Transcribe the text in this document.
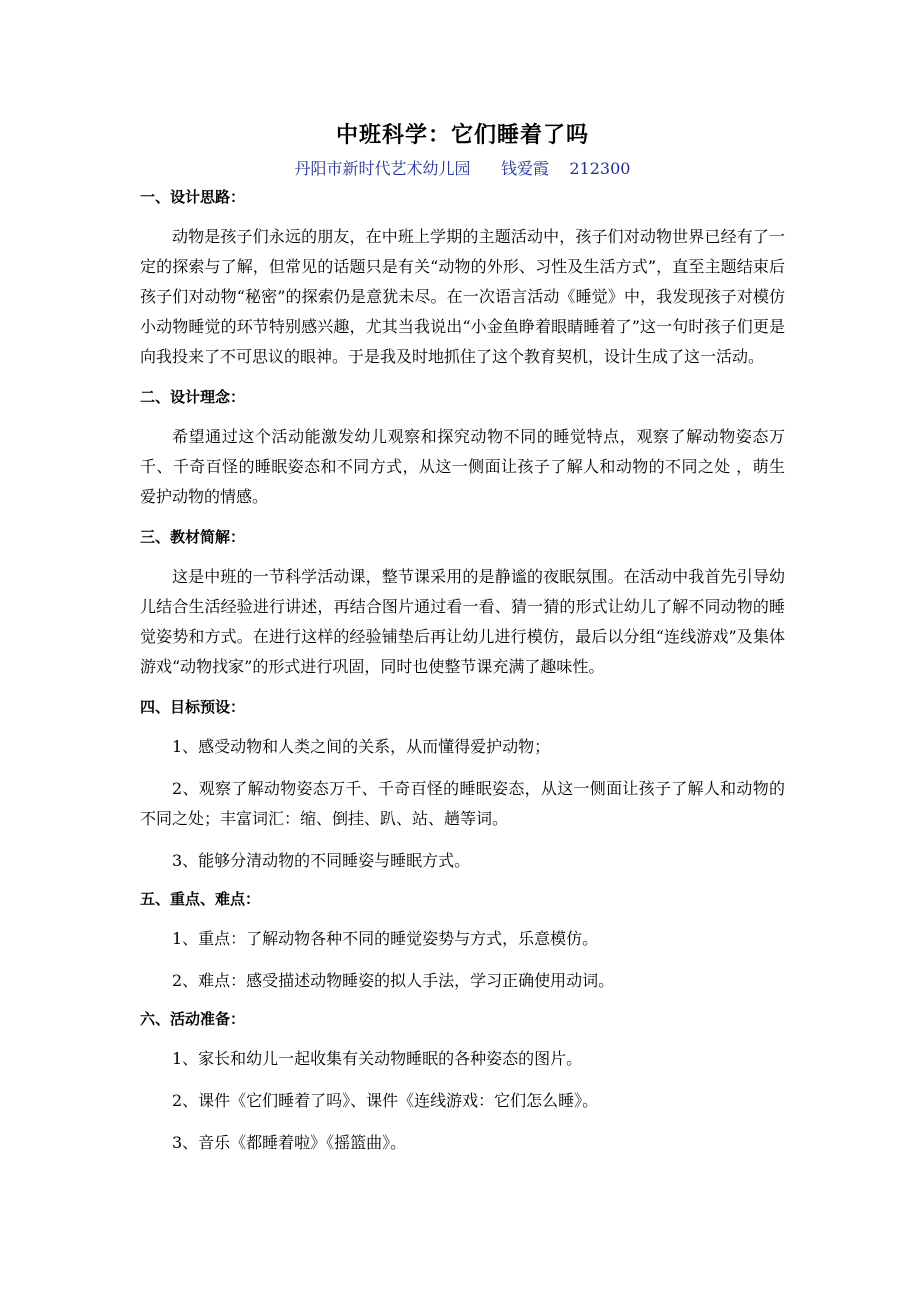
中班科学：它们睡着了吗

丹阳市新时代艺术幼儿园      钱爱霞    212300

一、设计思路：

动物是孩子们永远的朋友，在中班上学期的主题活动中，孩子们对动物世界已经有了一定的探索与了解，但常见的话题只是有关“动物的外形、习性及生活方式”，直至主题结束后孩子们对动物“秘密”的探索仍是意犹未尽。在一次语言活动《睡觉》中，我发现孩子对模仿小动物睡觉的环节特别感兴趣，尤其当我说出“小金鱼睁着眼睛睡着了”这一句时孩子们更是向我投来了不可思议的眼神。于是我及时地抓住了这个教育契机，设计生成了这一活动。

二、设计理念：

希望通过这个活动能激发幼儿观察和探究动物不同的睡觉特点，观察了解动物姿态万千、千奇百怪的睡眠姿态和不同方式，从这一侧面让孩子了解人和动物的不同之处 ，萌生爱护动物的情感。

三、教材简解：

这是中班的一节科学活动课，整节课采用的是静谧的夜眠氛围。在活动中我首先引导幼儿结合生活经验进行讲述，再结合图片通过看一看、猜一猜的形式让幼儿了解不同动物的睡觉姿势和方式。在进行这样的经验铺垫后再让幼儿进行模仿，最后以分组“连线游戏”及集体游戏“动物找家”的形式进行巩固，同时也使整节课充满了趣味性。

四、目标预设：

1、感受动物和人类之间的关系，从而懂得爱护动物；

2、观察了解动物姿态万千、千奇百怪的睡眠姿态，从这一侧面让孩子了解人和动物的不同之处；丰富词汇：缩、倒挂、趴、站、趟等词。

3、能够分清动物的不同睡姿与睡眠方式。

五、重点、难点：

1、重点：了解动物各种不同的睡觉姿势与方式，乐意模仿。

2、难点：感受描述动物睡姿的拟人手法，学习正确使用动词。

六、活动准备：

1、家长和幼儿一起收集有关动物睡眠的各种姿态的图片。

2、课件《它们睡着了吗》、课件《连线游戏：它们怎么睡》。

3、音乐《都睡着啦》《摇篮曲》。
